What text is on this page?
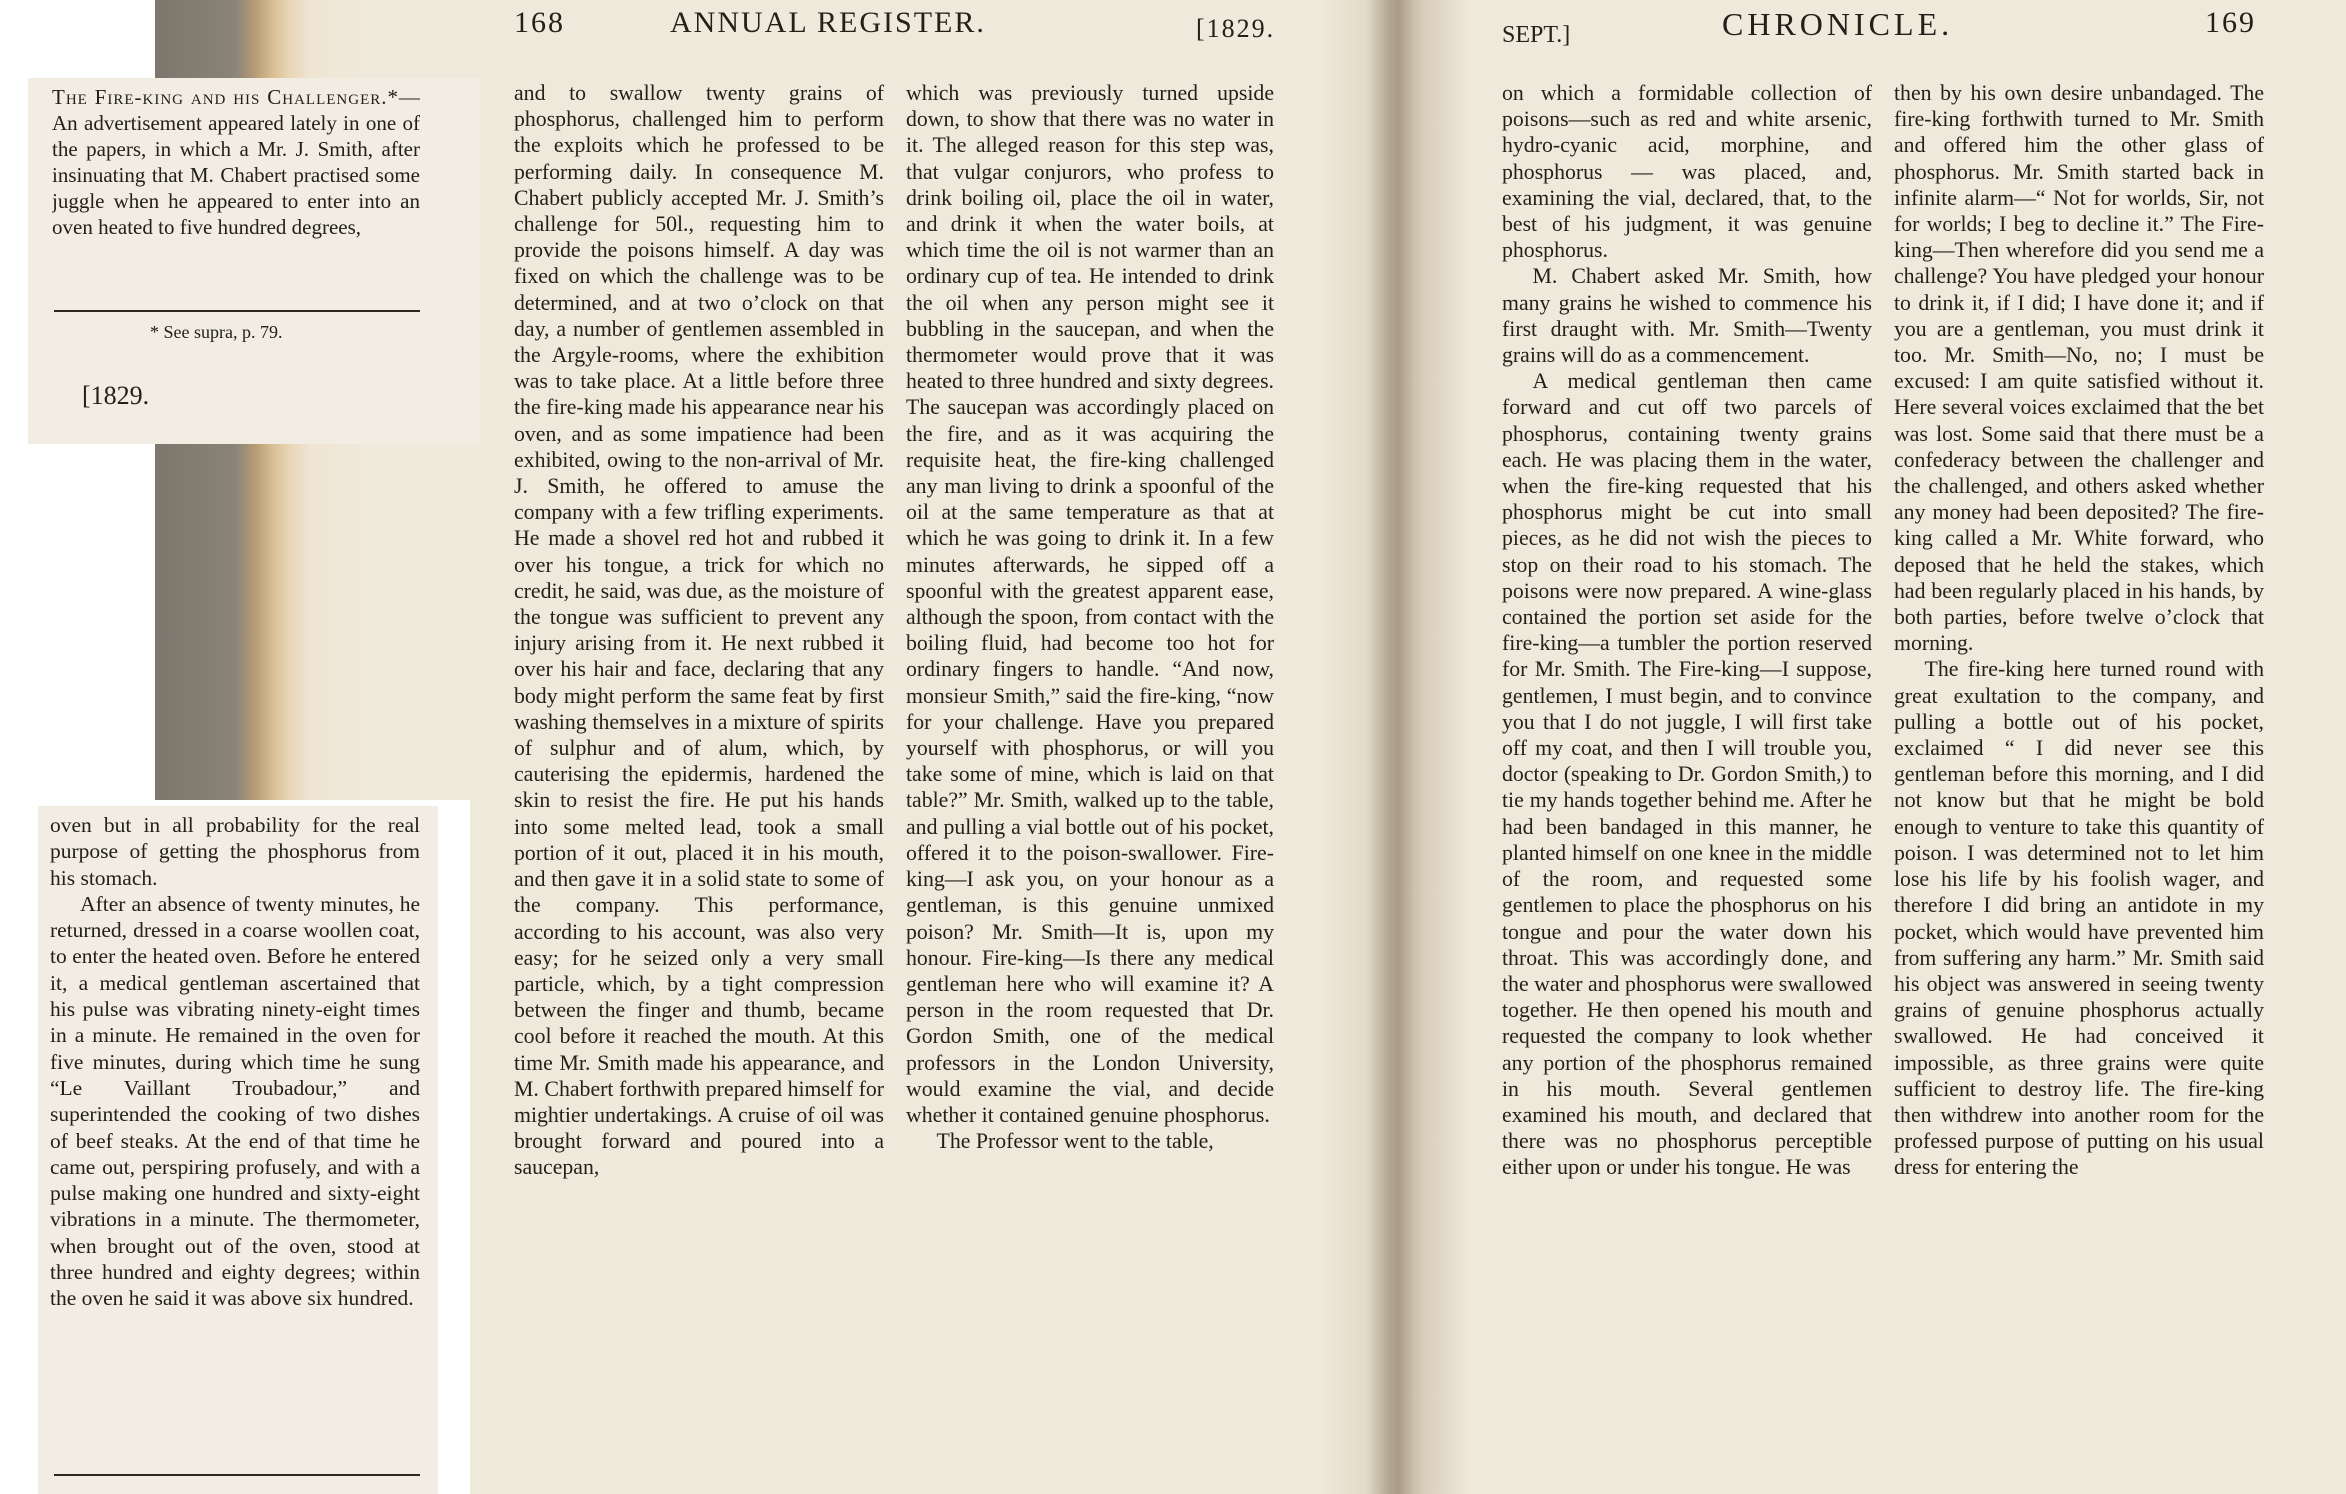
The Fire-king and his Challenger.*—An advertisement appeared lately in one of the papers, in which a Mr. J. Smith, after insinuating that M. Chabert practised some juggle when he appeared to enter into an oven heated to five hundred degrees,

* See supra, p. 79.
[1829.

oven but in all probability for the real purpose of getting the phosphorus from his stomach.

After an absence of twenty minutes, he returned, dressed in a coarse woollen coat, to enter the heated oven. Before he entered it, a medical gentleman ascertained that his pulse was vibrating ninety-eight times in a minute. He remained in the oven for five minutes, during which time he sung “Le Vaillant Troubadour,” and superintended the cooking of two dishes of beef steaks. At the end of that time he came out, perspiring profusely, and with a pulse making one hundred and sixty-eight vibrations in a minute. The thermometer, when brought out of the oven, stood at three hundred and eighty degrees; within the oven he said it was above six hundred.

168	ANNUAL REGISTER.	[1829.

and to swallow twenty grains of phosphorus, challenged him to perform the exploits which he professed to be performing daily. In consequence M. Chabert publicly accepted Mr. J. Smith’s challenge for 50l., requesting him to provide the poisons himself. A day was fixed on which the challenge was to be determined, and at two o’clock on that day, a number of gentlemen assembled in the Argyle-rooms, where the exhibition was to take place. At a little before three the fire-king made his appearance near his oven, and as some impatience had been exhibited, owing to the non-arrival of Mr. J. Smith, he offered to amuse the company with a few trifling experiments. He made a shovel red hot and rubbed it over his tongue, a trick for which no credit, he said, was due, as the moisture of the tongue was sufficient to prevent any injury arising from it. He next rubbed it over his hair and face, declaring that any body might perform the same feat by first washing themselves in a mixture of spirits of sulphur and of alum, which, by cauterising the epidermis, hardened the skin to resist the fire. He put his hands into some melted lead, took a small portion of it out, placed it in his mouth, and then gave it in a solid state to some of the company. This performance, according to his account, was also very easy; for he seized only a very small particle, which, by a tight compression between the finger and thumb, became cool before it reached the mouth. At this time Mr. Smith made his appearance, and M. Chabert forthwith prepared himself for mightier undertakings. A cruise of oil was brought forward and poured into a saucepan,

which was previously turned upside down, to show that there was no water in it. The alleged reason for this step was, that vulgar conjurors, who profess to drink boiling oil, place the oil in water, and drink it when the water boils, at which time the oil is not warmer than an ordinary cup of tea. He intended to drink the oil when any person might see it bubbling in the saucepan, and when the thermometer would prove that it was heated to three hundred and sixty degrees. The saucepan was accordingly placed on the fire, and as it was acquiring the requisite heat, the fire-king challenged any man living to drink a spoonful of the oil at the same temperature as that at which he was going to drink it. In a few minutes afterwards, he sipped off a spoonful with the greatest apparent ease, although the spoon, from contact with the boiling fluid, had become too hot for ordinary fingers to handle. “And now, monsieur Smith,” said the fire-king, “now for your challenge. Have you prepared yourself with phosphorus, or will you take some of mine, which is laid on that table?” Mr. Smith, walked up to the table, and pulling a vial bottle out of his pocket, offered it to the poison-swallower. Fire-king—I ask you, on your honour as a gentleman, is this genuine unmixed poison? Mr. Smith—It is, upon my honour. Fire-king—Is there any medical gentleman here who will examine it? A person in the room requested that Dr. Gordon Smith, one of the medical professors in the London University, would examine the vial, and decide whether it contained genuine phosphorus.

The Professor went to the table,

SEPT.]	CHRONICLE.	169

on which a formidable collection of poisons—such as red and white arsenic, hydro-cyanic acid, morphine, and phosphorus — was placed, and, examining the vial, declared, that, to the best of his judgment, it was genuine phosphorus.

M. Chabert asked Mr. Smith, how many grains he wished to commence his first draught with. Mr. Smith—Twenty grains will do as a commencement.

A medical gentleman then came forward and cut off two parcels of phosphorus, containing twenty grains each. He was placing them in the water, when the fire-king requested that his phosphorus might be cut into small pieces, as he did not wish the pieces to stop on their road to his stomach. The poisons were now prepared. A wine-glass contained the portion set aside for the fire-king—a tumbler the portion reserved for Mr. Smith. The Fire-king—I suppose, gentlemen, I must begin, and to convince you that I do not juggle, I will first take off my coat, and then I will trouble you, doctor (speaking to Dr. Gordon Smith,) to tie my hands together behind me. After he had been bandaged in this manner, he planted himself on one knee in the middle of the room, and requested some gentlemen to place the phosphorus on his tongue and pour the water down his throat. This was accordingly done, and the water and phosphorus were swallowed together. He then opened his mouth and requested the company to look whether any portion of the phosphorus remained in his mouth. Several gentlemen examined his mouth, and declared that there was no phosphorus perceptible either upon or under his tongue. He was

then by his own desire unbandaged. The fire-king forthwith turned to Mr. Smith and offered him the other glass of phosphorus. Mr. Smith started back in infinite alarm—“ Not for worlds, Sir, not for worlds; I beg to decline it.” The Fire-king—Then wherefore did you send me a challenge? You have pledged your honour to drink it, if I did; I have done it; and if you are a gentleman, you must drink it too. Mr. Smith—No, no; I must be excused: I am quite satisfied without it. Here several voices exclaimed that the bet was lost. Some said that there must be a confederacy between the challenger and the challenged, and others asked whether any money had been deposited? The fire-king called a Mr. White forward, who deposed that he held the stakes, which had been regularly placed in his hands, by both parties, before twelve o’clock that morning.

The fire-king here turned round with great exultation to the company, and pulling a bottle out of his pocket, exclaimed “ I did never see this gentleman before this morning, and I did not know but that he might be bold enough to venture to take this quantity of poison. I was determined not to let him lose his life by his foolish wager, and therefore I did bring an antidote in my pocket, which would have prevented him from suffering any harm.” Mr. Smith said his object was answered in seeing twenty grains of genuine phosphorus actually swallowed. He had conceived it impossible, as three grains were quite sufficient to destroy life. The fire-king then withdrew into another room for the professed purpose of putting on his usual dress for entering the
